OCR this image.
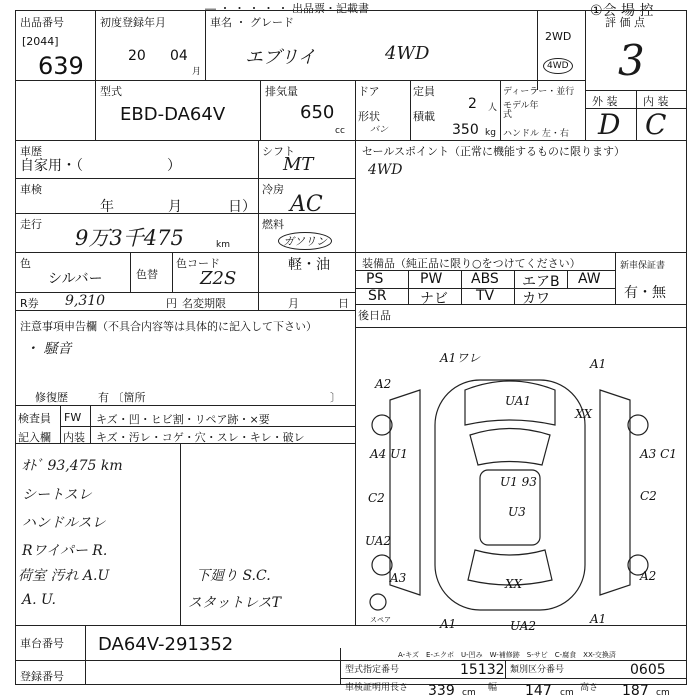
― ・ ・ ・ ・ ・ 出品票・記載書	①会 場 控
出品番号
[2044]
639
初度登録年月
20 04
月
車名 ・ グレード
エブリイ	4WD
2WD
4WD
評 価 点
3
外 装 内 装
D C
型式
EBD-DA64V
排気量
650
cc
ドア
形状
バン
定員
2 人
積載
350 kg
ディーラー・並行
モデル年式
ハンドル 左・右
車歴
自家用・（　　　　　　）
シフト
MT
セールスポイント（正常に機能するものに限ります）
4WD
車検
年	月	日）
冷房
AC
走行
9万3千475	km
燃料
ガソリン
軽・油
色
シルバー	色替
色コード
Z2S
R券 9,310	円 名変期限	月	日
装備品（純正品に限り○をつけてください）
PS	PW ABS エアB AW
SR ナビ TV カワ
新車保証書
有・無
後日品
注意事項申告欄（不具合内容等は具体的に記入して下さい）
・ 騒音
修復歴	有 〔箇所	〕
検査員
記入欄
FW キズ・凹・ヒビ割・リペア跡・×要
内装 キズ・汚レ・コゲ・穴・スレ・キレ・破レ
ｵﾄﾞ 93,475 km
シートスレ
ハンドルスレ
Rワイパー R.
荷室 汚れ A.U
A. U.
下廻り S.C.
スタットレスT
A1ワレ	A1
UA1
XX
A2
A4 U1
C2
A3 C1
U1 93
U3
C2
UA2
A3	XX
A2
A1	UA2	A1
スペア
車台番号 DA64V-291352
登録番号
A-キズ　E-エクボ　U-凹み　W-補修跡　S-サビ　C-腐食　XX-交換済
型式指定番号	15132 類別区分番号	0605
車検証明用 長さ 339 cm 幅 147 cm 高さ 187 cm
